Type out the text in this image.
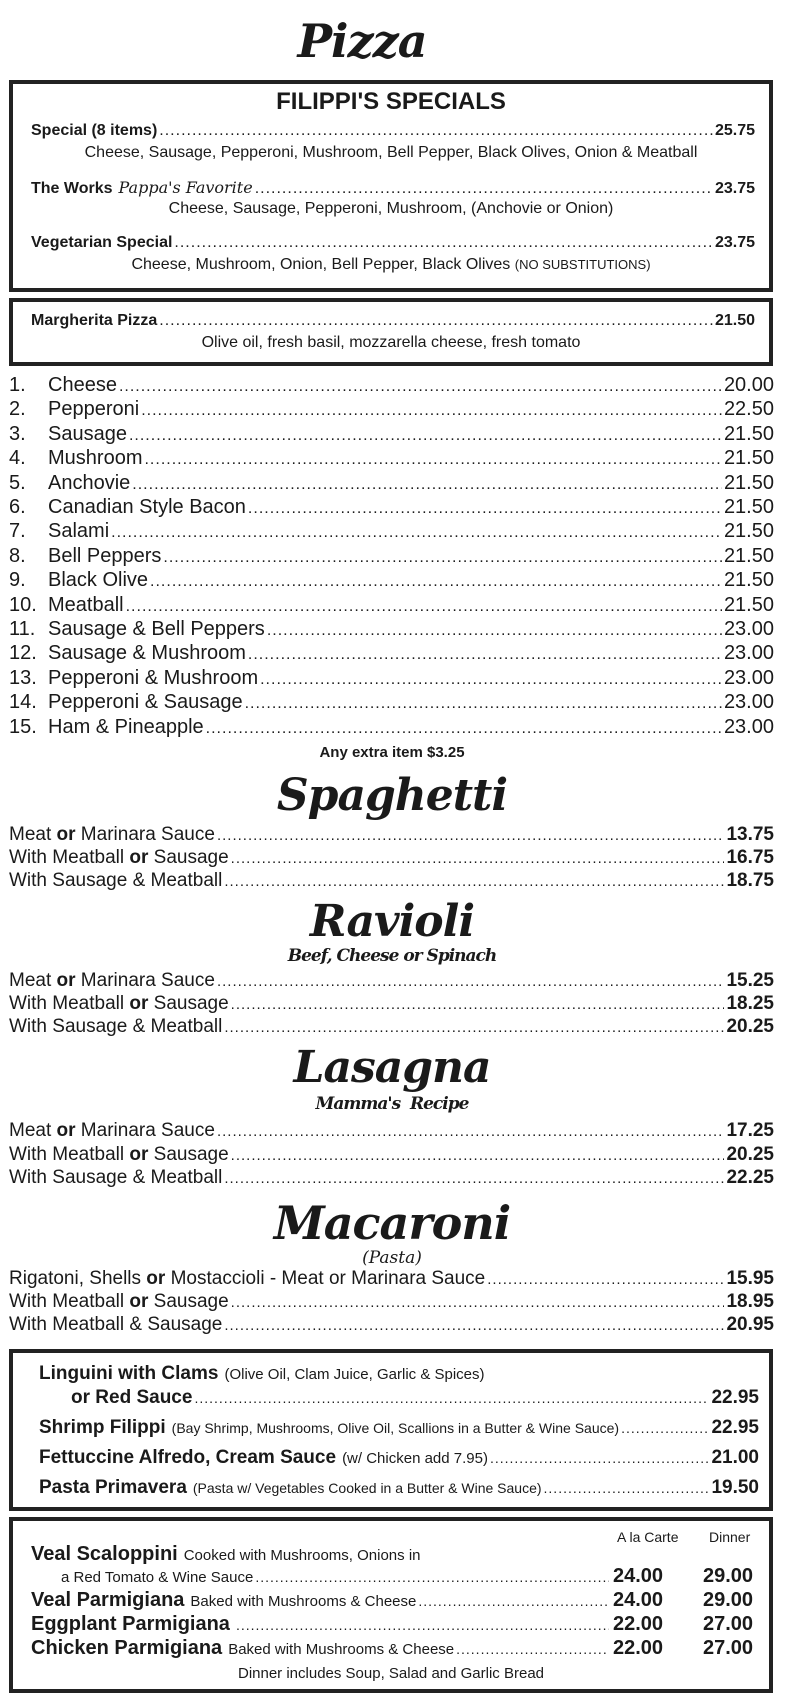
Pizza
FILIPPI'S SPECIALS
Special (8 items) .....	25.75
Cheese, Sausage, Pepperoni, Mushroom, Bell Pepper, Black Olives, Onion & Meatball
The Works Pappa's Favorite .....	23.75
Cheese, Sausage, Pepperoni, Mushroom, (Anchovie or Onion)
Vegetarian Special .....	23.75
Cheese, Mushroom, Onion, Bell Pepper, Black Olives (NO SUBSTITUTIONS)
Margherita Pizza .....	21.50
Olive oil, fresh basil, mozzarella cheese, fresh tomato
1.	Cheese .....	20.00
2.	Pepperoni .....	22.50
3.	Sausage .....	21.50
4.	Mushroom .....	21.50
5.	Anchovie .....	21.50
6.	Canadian Style Bacon .....	21.50
7.	Salami .....	21.50
8.	Bell Peppers .....	21.50
9.	Black Olive .....	21.50
10. Meatball .....	21.50
11. Sausage & Bell Peppers .....	23.00
12. Sausage & Mushroom .....	23.00
13. Pepperoni & Mushroom .....	23.00
14. Pepperoni & Sausage .....	23.00
15. Ham & Pineapple .....	23.00
Any extra item $3.25
Spaghetti
Meat or Marinara Sauce .....	13.75
With Meatball or Sausage .....	16.75
With Sausage & Meatball .....	18.75
Ravioli
Beef, Cheese or Spinach
Meat or Marinara Sauce .....	15.25
With Meatball or Sausage .....	18.25
With Sausage & Meatball .....	20.25
Lasagna
Mamma's  Recipe
Meat or Marinara Sauce .....	17.25
With Meatball or Sausage .....	20.25
With Sausage & Meatball .....	22.25
Macaroni
(Pasta)
Rigatoni, Shells or Mostaccioli - Meat or Marinara Sauce .....	15.95
With Meatball or Sausage .....	18.95
With Meatball & Sausage .....	20.95
Linguini with Clams (Olive Oil, Clam Juice, Garlic & Spices)
or Red Sauce .....	22.95
Shrimp Filippi (Bay Shrimp, Mushrooms, Olive Oil, Scallions in a Butter & Wine Sauce) .....	22.95
Fettuccine Alfredo, Cream Sauce (w/ Chicken add 7.95) .....	21.00
Pasta Primavera (Pasta w/ Vegetables Cooked in a Butter & Wine Sauce) .....	19.50
A la Carte Dinner
Veal Scaloppini Cooked with Mushrooms, Onions in
a Red Tomato & Wine Sauce .....	24.00 29.00
Veal Parmigiana Baked with Mushrooms & Cheese .....	24.00 29.00
Eggplant Parmigiana .....	22.00 27.00
Chicken Parmigiana Baked with Mushrooms & Cheese .....	22.00 27.00
Dinner includes Soup, Salad and Garlic Bread
